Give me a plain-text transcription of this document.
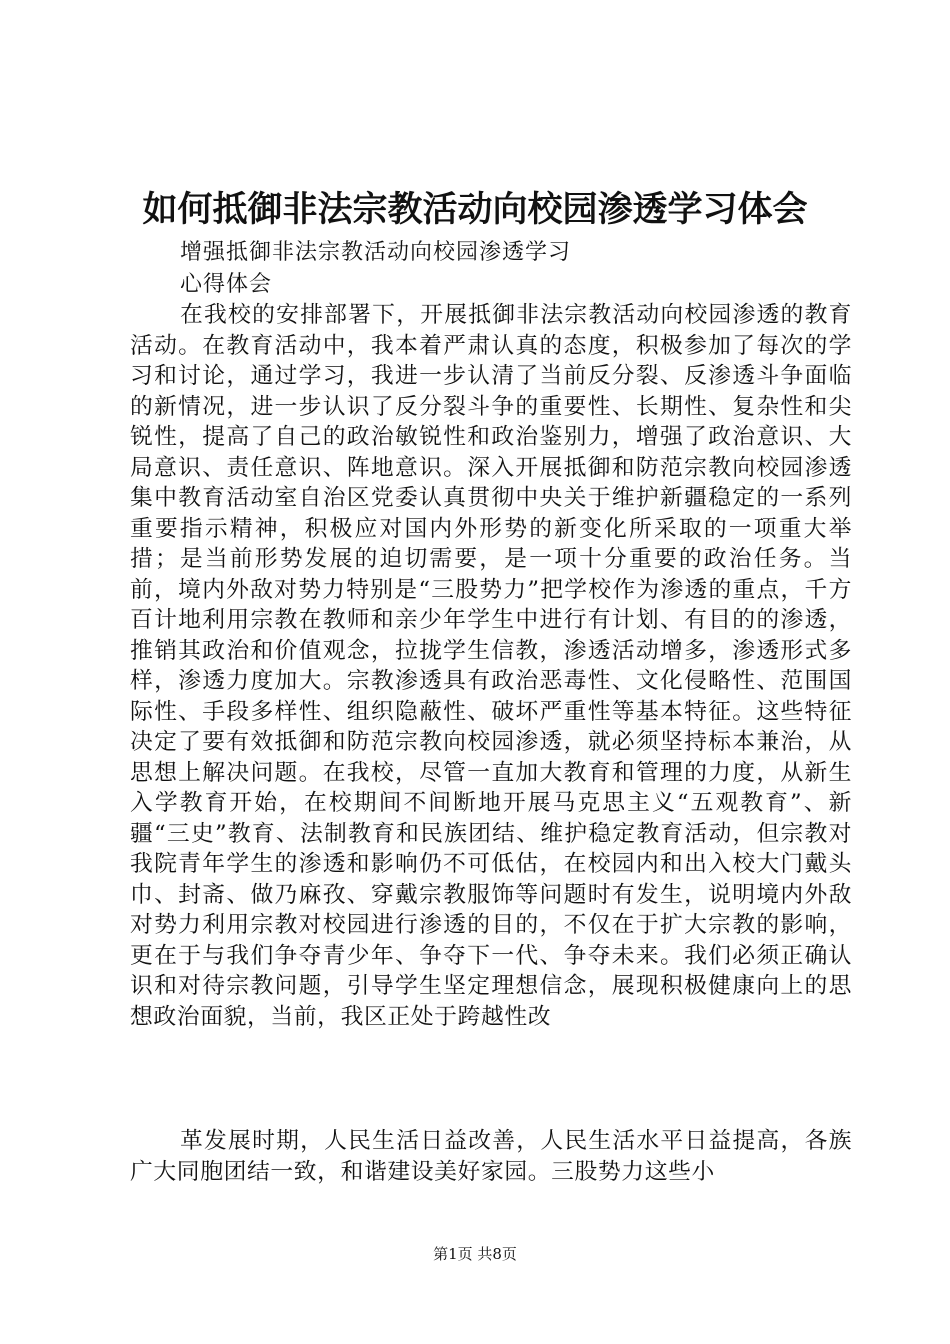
如何抵御非法宗教活动向校园渗透学习体会
增强抵御非法宗教活动向校园渗透学习
心得体会
在我校的安排部署下，开展抵御非法宗教活动向校园渗透的教育活动。在教育活动中，我本着严肃认真的态度，积极参加了每次的学习和讨论，通过学习，我进一步认清了当前反分裂、反渗透斗争面临的新情况，进一步认识了反分裂斗争的重要性、长期性、复杂性和尖锐性，提高了自己的政治敏锐性和政治鉴别力，增强了政治意识、大局意识、责任意识、阵地意识。深入开展抵御和防范宗教向校园渗透集中教育活动室自治区党委认真贯彻中央关于维护新疆稳定的一系列重要指示精神，积极应对国内外形势的新变化所采取的一项重大举措；是当前形势发展的迫切需要，是一项十分重要的政治任务。当前，境内外敌对势力特别是“三股势力”把学校作为渗透的重点，千方百计地利用宗教在教师和亲少年学生中进行有计划、有目的的渗透，推销其政治和价值观念，拉拢学生信教，渗透活动增多，渗透形式多样，渗透力度加大。宗教渗透具有政治恶毒性、文化侵略性、范围国际性、手段多样性、组织隐蔽性、破坏严重性等基本特征。这些特征决定了要有效抵御和防范宗教向校园渗透，就必须坚持标本兼治，从思想上解决问题。在我校，尽管一直加大教育和管理的力度，从新生入学教育开始，在校期间不间断地开展马克思主义“五观教育”、新疆“三史”教育、法制教育和民族团结、维护稳定教育活动，但宗教对我院青年学生的渗透和影响仍不可低估，在校园内和出入校大门戴头巾、封斋、做乃麻孜、穿戴宗教服饰等问题时有发生，说明境内外敌对势力利用宗教对校园进行渗透的目的，不仅在于扩大宗教的影响，更在于与我们争夺青少年、争夺下一代、争夺未来。我们必须正确认识和对待宗教问题，引导学生坚定理想信念，展现积极健康向上的思想政治面貌，当前，我区正处于跨越性改
革发展时期，人民生活日益改善，人民生活水平日益提高，各族广大同胞团结一致，和谐建设美好家园。三股势力这些小
第1页 共8页
